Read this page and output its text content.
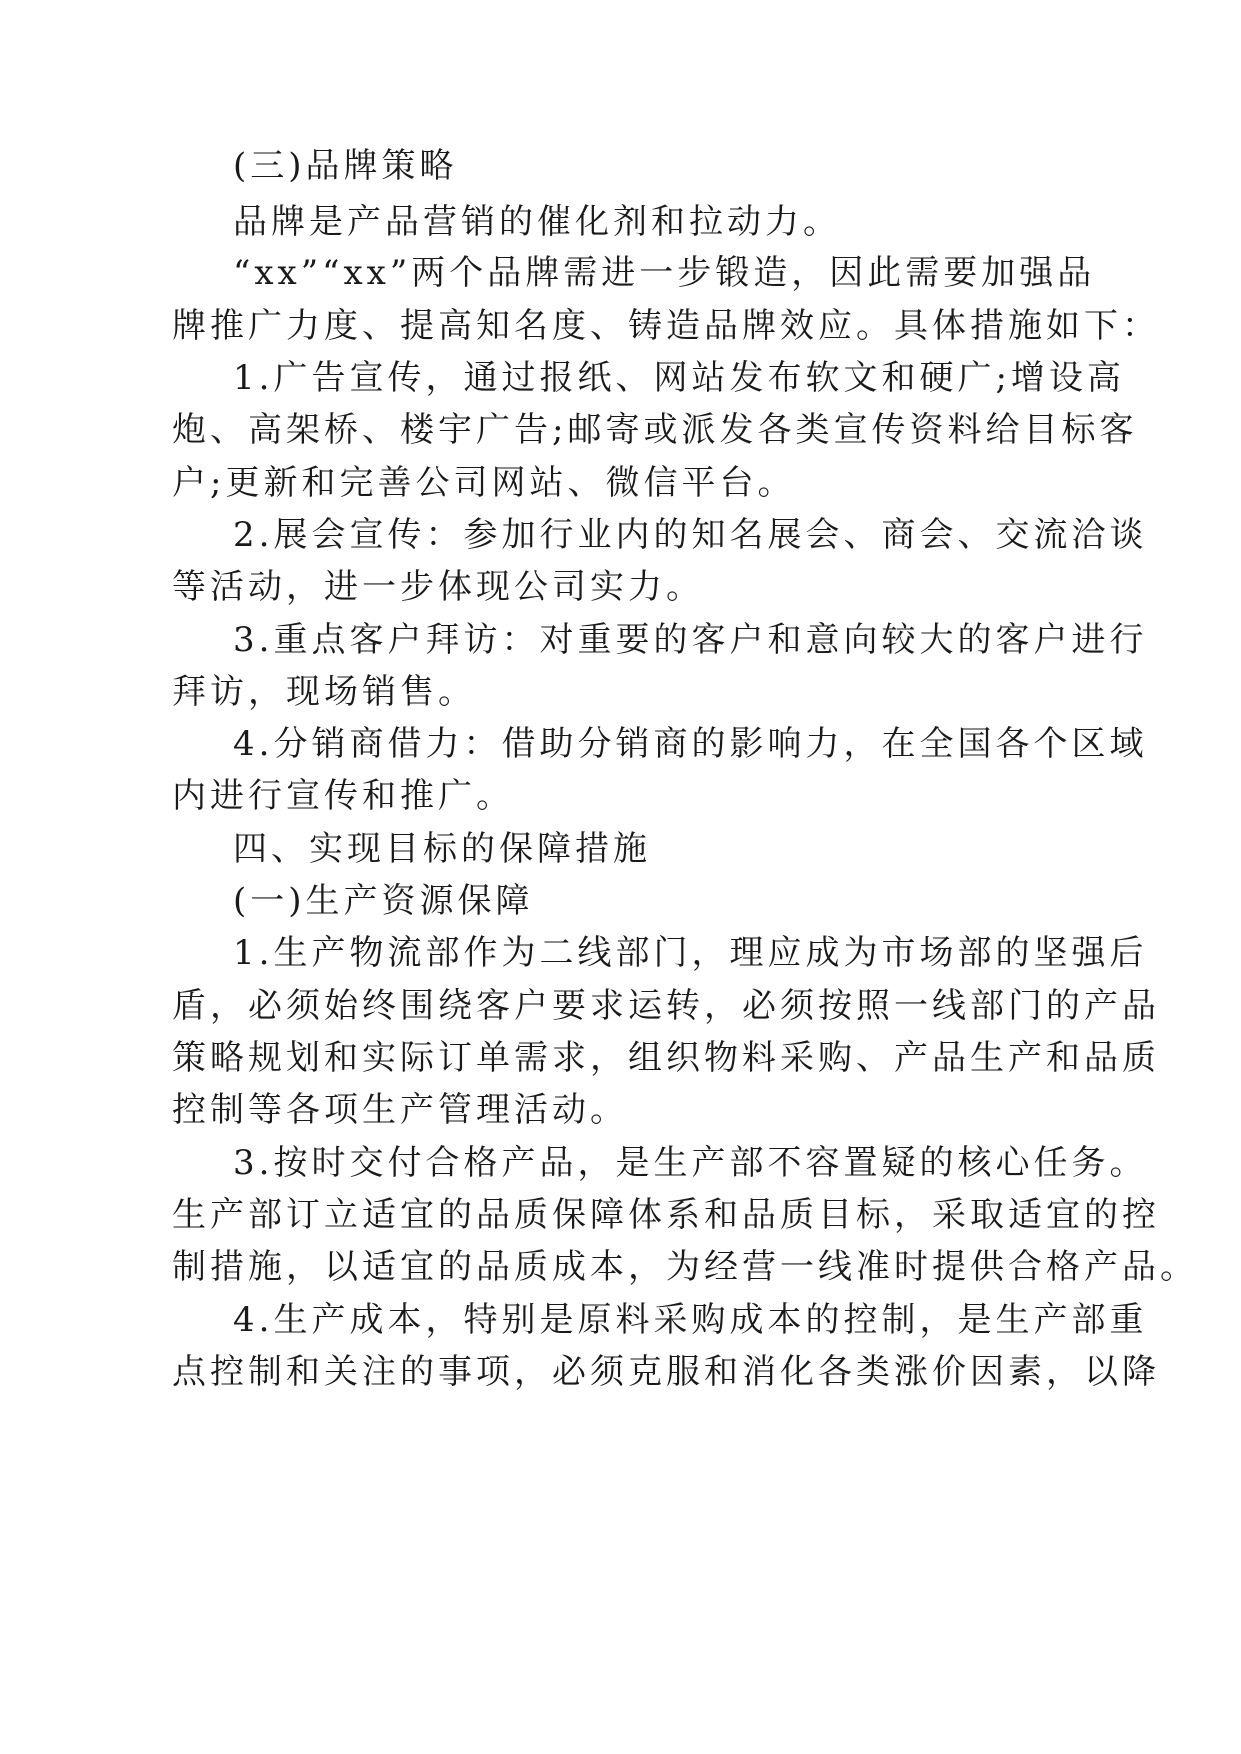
(三)品牌策略
品牌是产品营销的催化剂和拉动力。
“xx”“xx”两个品牌需进一步锻造，因此需要加强品
牌推广力度、提高知名度、铸造品牌效应。具体措施如下：
1.广告宣传，通过报纸、网站发布软文和硬广;增设高
炮、高架桥、楼宇广告;邮寄或派发各类宣传资料给目标客
户;更新和完善公司网站、微信平台。
2.展会宣传：参加行业内的知名展会、商会、交流洽谈
等活动，进一步体现公司实力。
3.重点客户拜访：对重要的客户和意向较大的客户进行
拜访，现场销售。
4.分销商借力：借助分销商的影响力，在全国各个区域
内进行宣传和推广。
四、实现目标的保障措施
(一)生产资源保障
1.生产物流部作为二线部门，理应成为市场部的坚强后
盾，必须始终围绕客户要求运转，必须按照一线部门的产品
策略规划和实际订单需求，组织物料采购、产品生产和品质
控制等各项生产管理活动。
3.按时交付合格产品，是生产部不容置疑的核心任务。
生产部订立适宜的品质保障体系和品质目标，采取适宜的控
制措施，以适宜的品质成本，为经营一线准时提供合格产品。
4.生产成本，特别是原料采购成本的控制，是生产部重
点控制和关注的事项，必须克服和消化各类涨价因素，以降
